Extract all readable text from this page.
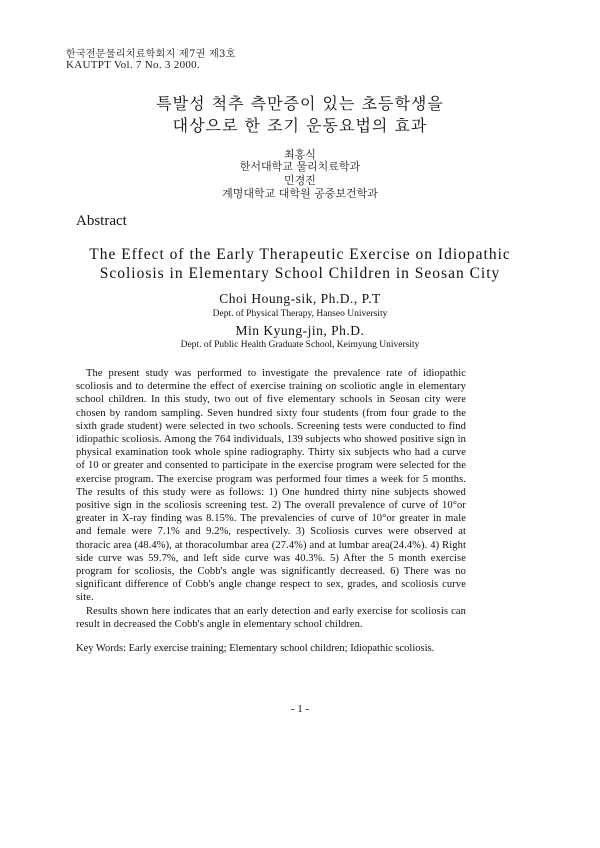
한국전문물리치료학회지 제7권 제3호
KAUTPT Vol. 7 No. 3 2000.
특발성 척추 측만증이 있는 초등학생을
대상으로 한 조기 운동요법의 효과
최홍식
한서대학교 물리치료학과
민경진
계명대학교 대학원 공중보건학과
Abstract
The Effect of the Early Therapeutic Exercise on Idiopathic
Scoliosis in Elementary School Children in Seosan City
Choi Houng-sik, Ph.D., P.T
Dept. of Physical Therapy, Hanseo University
Min Kyung-jin, Ph.D.
Dept. of Public Health Graduate School, Keimyung University

The present study was performed to investigate the prevalence rate of idiopathic scoliosis and to determine the effect of exercise training on scoliotic angle in elementary school children. In this study, two out of five elementary schools in Seosan city were chosen by random sampling. Seven hundred sixty four students (from four grade to the sixth grade student) were selected in two schools. Screening tests were conducted to find idiopathic scoliosis. Among the 764 individuals, 139 subjects who showed positive sign in physical examination took whole spine radiography. Thirty six subjects who had a curve of 10 or greater and consented to participate in the exercise program were selected for the exercise program. The exercise program was performed four times a week for 5 months. The results of this study were as follows: 1) One hundred thirty nine subjects showed positive sign in the scoliosis screening test. 2) The overall prevalence of curve of 10°or greater in X-ray finding was 8.15%. The prevalencies of curve of 10°or greater in male and female were 7.1% and 9.2%, respectively. 3) Scoliosis curves were observed at thoracic area (48.4%), at thoracolumbar area (27.4%) and at lumbar area(24.4%). 4) Right side curve was 59.7%, and left side curve was 40.3%. 5) After the 5 month exercise program for scoliosis, the Cobb's angle was significantly decreased. 6) There was no significant difference of Cobb's angle change respect to sex, grades, and scoliosis curve site.

Results shown here indicates that an early detection and early exercise for scoliosis can result in decreased the Cobb's angle in elementary school children.

Key Words: Early exercise training; Elementary school children; Idiopathic scoliosis.
- 1 -
